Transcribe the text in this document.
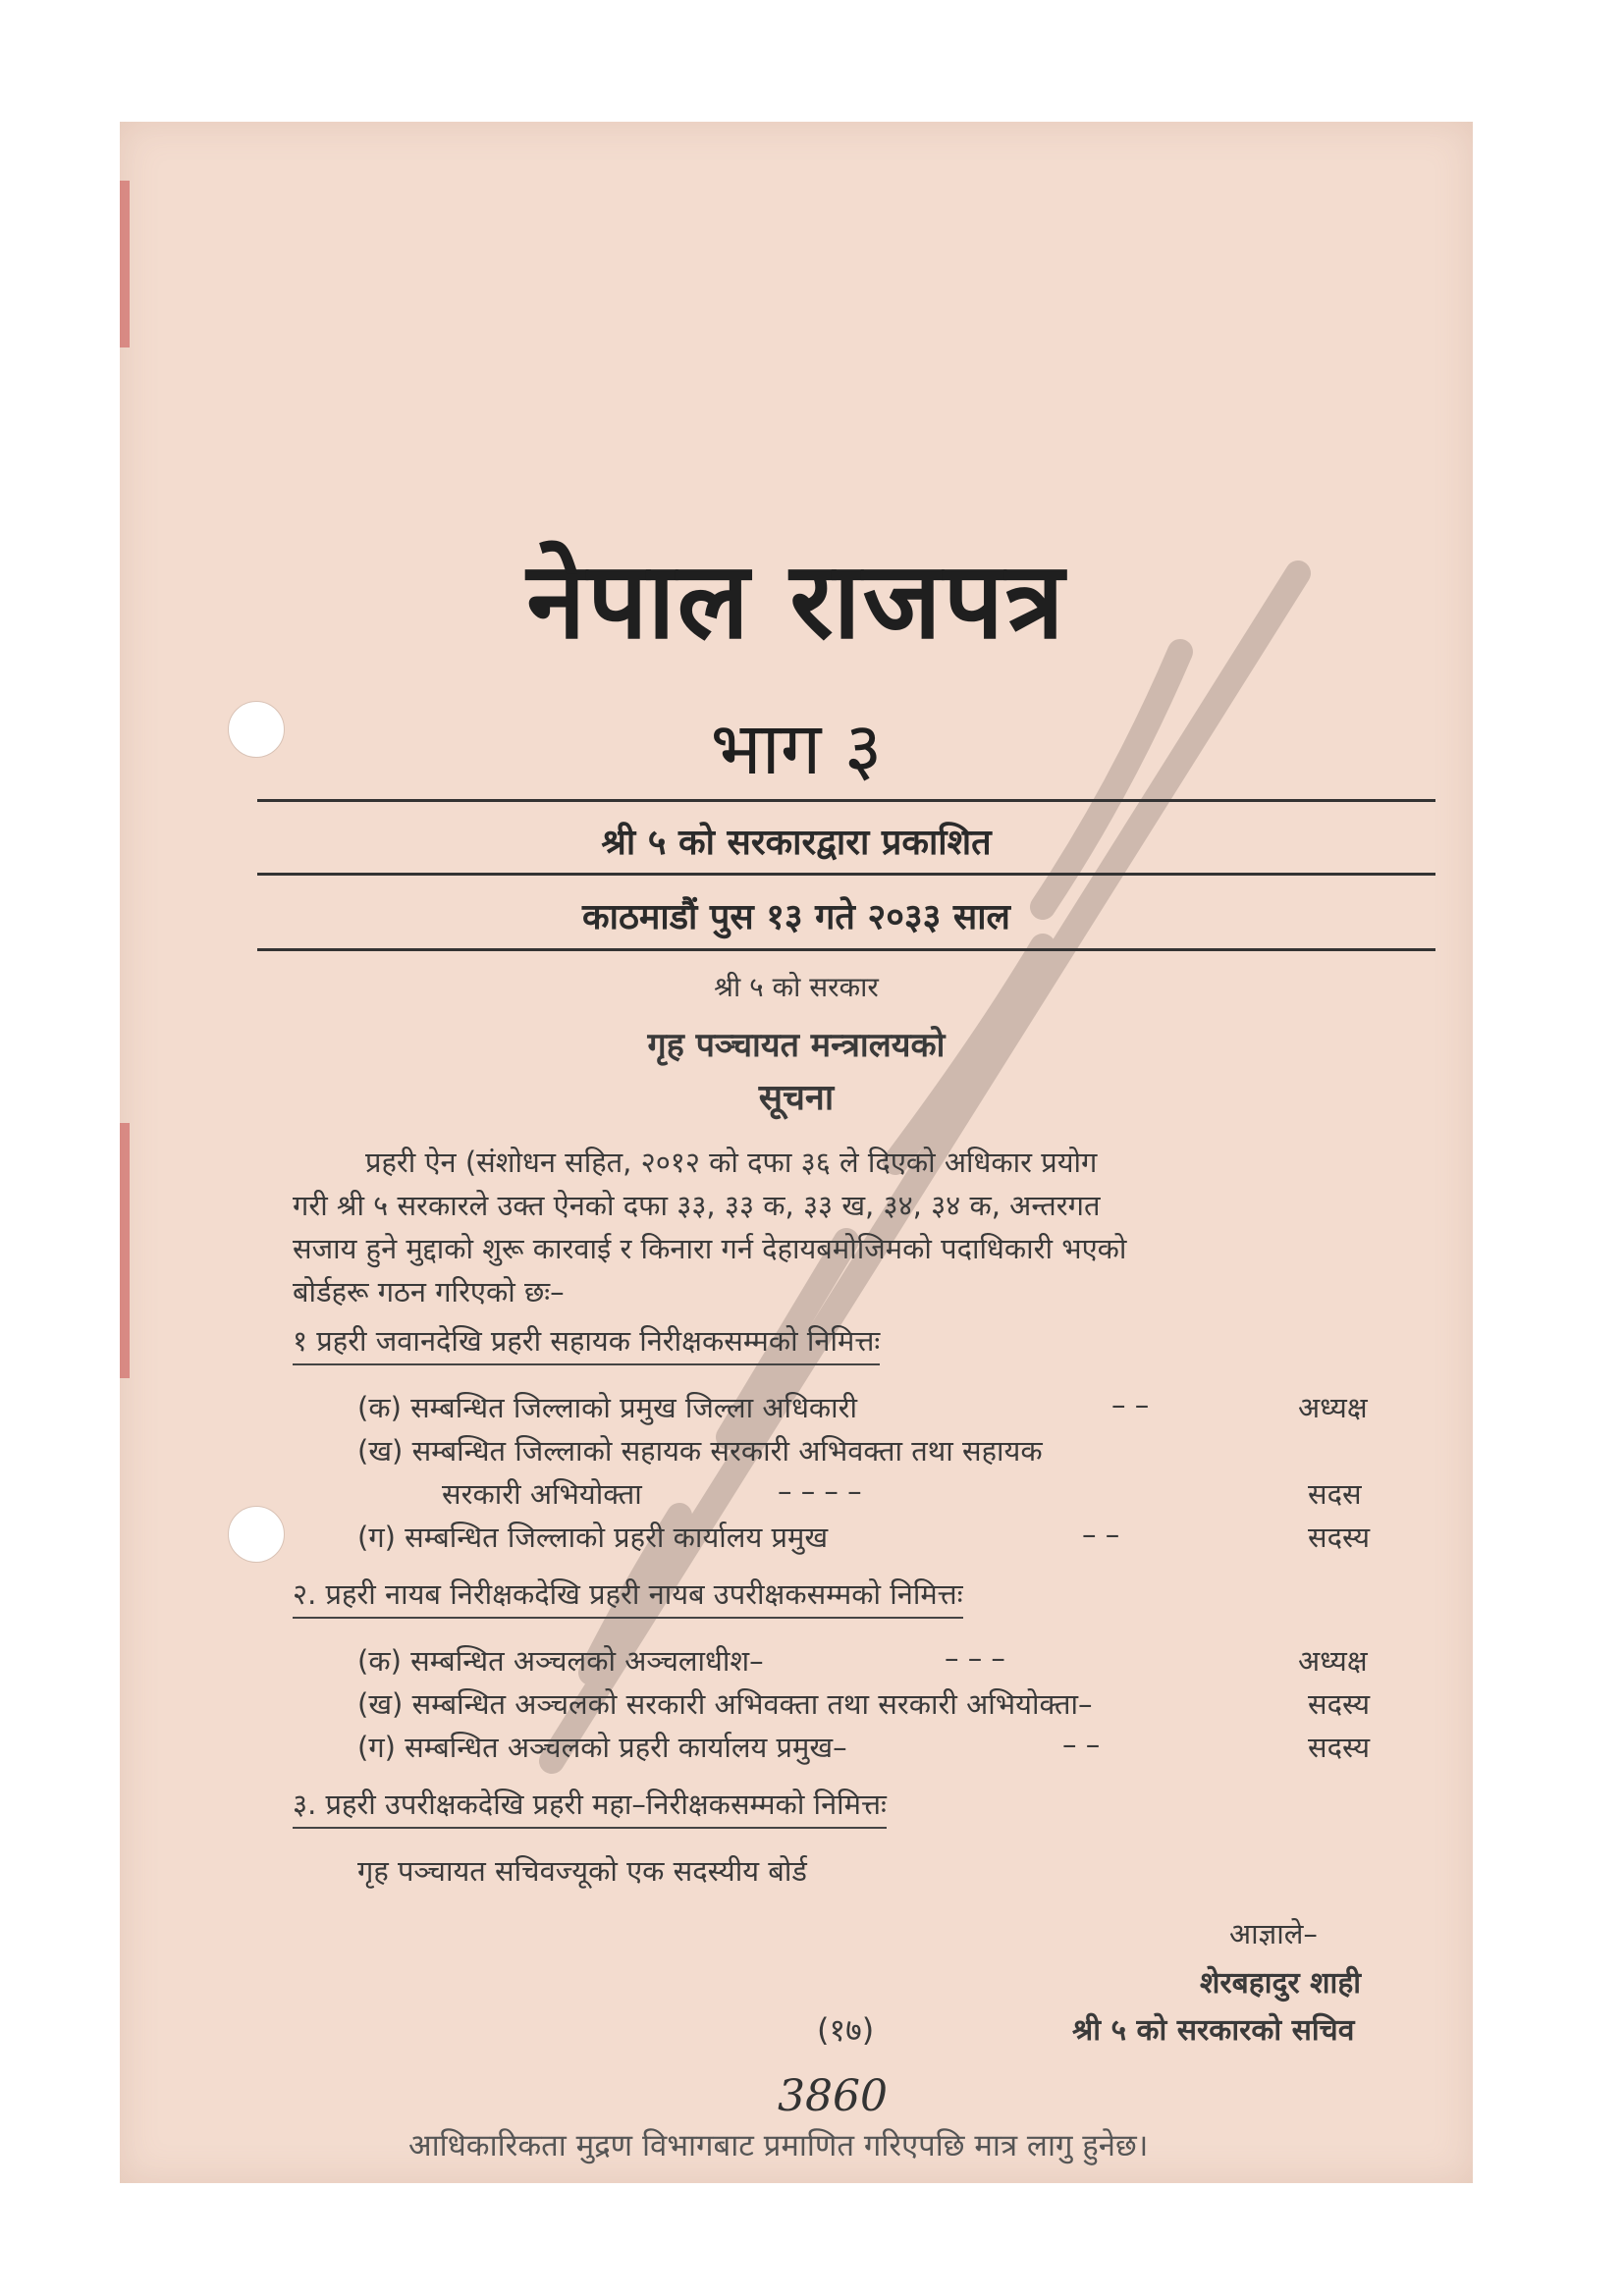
नेपाल राजपत्र
भाग ३
श्री ५ को सरकारद्वारा प्रकाशित
काठमाडौं पुस १३ गते २०३३ साल
श्री ५ को सरकार
गृह पञ्चायत मन्त्रालयको
सूचना
प्रहरी ऐन (संशोधन सहित, २०१२ को दफा ३६ ले दिएको अधिकार प्रयोग
गरी श्री ५ सरकारले उक्त ऐनको दफा ३३, ३३ क, ३३ ख, ३४, ३४ क, अन्तरगत
सजाय हुने मुद्दाको शुरू कारवाई र किनारा गर्न देहायबमोजिमको पदाधिकारी भएको
बोर्डहरू गठन गरिएको छः–
१ प्रहरी जवानदेखि प्रहरी सहायक निरीक्षकसम्मको निमित्तः
(क) सम्बन्धित जिल्लाको प्रमुख जिल्ला अधिकारी	– –	अध्यक्ष
(ख) सम्बन्धित जिल्लाको सहायक सरकारी अभिवक्ता तथा सहायक
सरकारी अभियोक्ता	– – – –	सदस
(ग) सम्बन्धित जिल्लाको प्रहरी कार्यालय प्रमुख	– –	सदस्य
२. प्रहरी नायब निरीक्षकदेखि प्रहरी नायब उपरीक्षकसम्मको निमित्तः
(क) सम्बन्धित अञ्चलको अञ्चलाधीश–	– – –	अध्यक्ष
(ख) सम्बन्धित अञ्चलको सरकारी अभिवक्ता तथा सरकारी अभियोक्ता–	सदस्य
(ग) सम्बन्धित अञ्चलको प्रहरी कार्यालय प्रमुख–	– –	सदस्य
३. प्रहरी उपरीक्षकदेखि प्रहरी महा–निरीक्षकसम्मको निमित्तः
गृह पञ्चायत सचिवज्यूको एक सदस्यीय बोर्ड
आज्ञाले–
शेरबहादुर शाही
(१७)	श्री ५ को सरकारको सचिव
3860
आधिकारिकता मुद्रण विभागबाट प्रमाणित गरिएपछि मात्र लागु हुनेछ।
